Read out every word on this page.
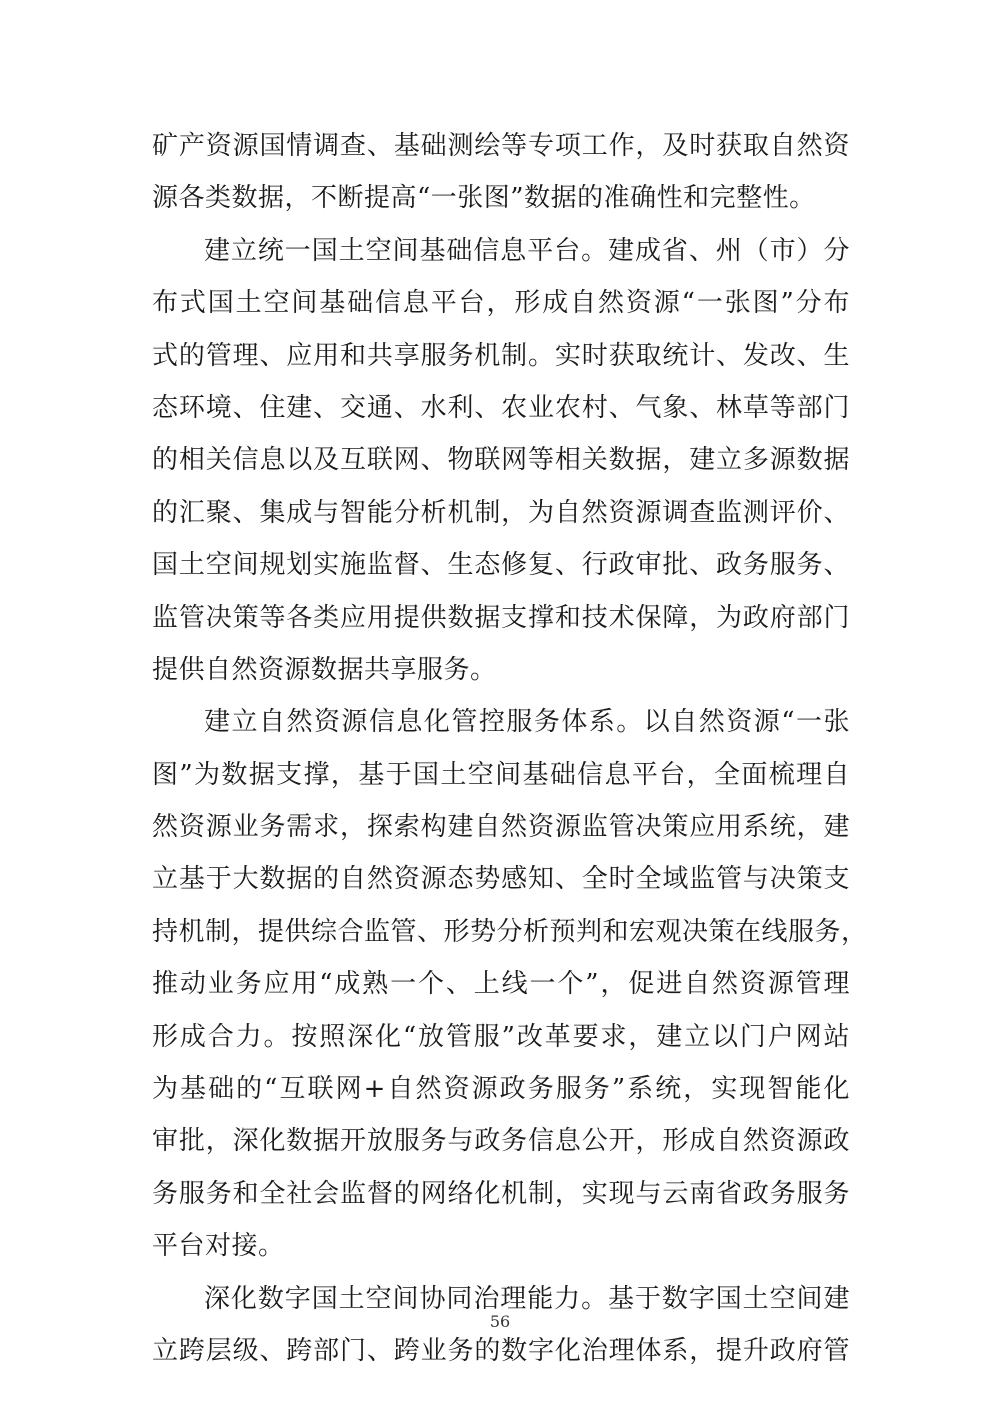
矿产资源国情调查、基础测绘等专项工作，及时获取自然资
源各类数据，不断提高“一张图”数据的准确性和完整性。
建立统一国土空间基础信息平台。建成省、州（市）分
布式国土空间基础信息平台，形成自然资源“一张图”分布
式的管理、应用和共享服务机制。实时获取统计、发改、生
态环境、住建、交通、水利、农业农村、气象、林草等部门
的相关信息以及互联网、物联网等相关数据，建立多源数据
的汇聚、集成与智能分析机制，为自然资源调查监测评价、
国土空间规划实施监督、生态修复、行政审批、政务服务、
监管决策等各类应用提供数据支撑和技术保障，为政府部门
提供自然资源数据共享服务。
建立自然资源信息化管控服务体系。以自然资源“一张
图”为数据支撑，基于国土空间基础信息平台，全面梳理自
然资源业务需求，探索构建自然资源监管决策应用系统，建
立基于大数据的自然资源态势感知、全时全域监管与决策支
持机制，提供综合监管、形势分析预判和宏观决策在线服务，
推动业务应用“成熟一个、上线一个”，促进自然资源管理
形成合力。按照深化“放管服”改革要求，建立以门户网站
为基础的“互联网+自然资源政务服务”系统，实现智能化
审批，深化数据开放服务与政务信息公开，形成自然资源政
务服务和全社会监督的网络化机制，实现与云南省政务服务
平台对接。
深化数字国土空间协同治理能力。基于数字国土空间建
立跨层级、跨部门、跨业务的数字化治理体系，提升政府管
56
